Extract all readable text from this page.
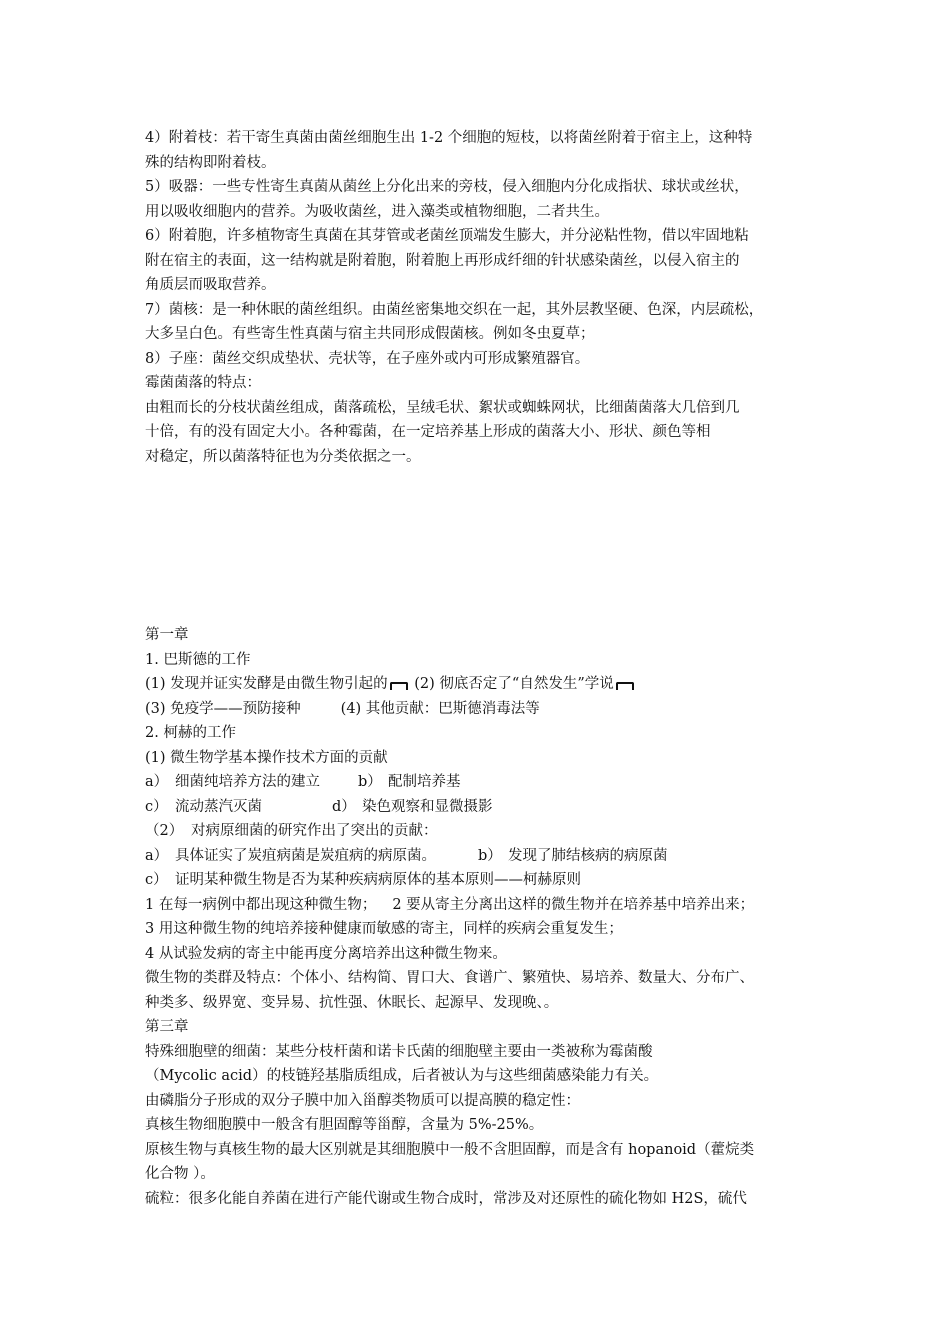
4）附着枝：若干寄生真菌由菌丝细胞生出 1-2 个细胞的短枝，以将菌丝附着于宿主上，这种特

殊的结构即附着枝。

5）吸器：一些专性寄生真菌从菌丝上分化出来的旁枝，侵入细胞内分化成指状、球状或丝状，

用以吸收细胞内的营养。为吸收菌丝，进入藻类或植物细胞，二者共生。

6）附着胞，许多植物寄生真菌在其芽管或老菌丝顶端发生膨大，并分泌粘性物，借以牢固地粘

附在宿主的表面，这一结构就是附着胞，附着胞上再形成纤细的针状感染菌丝，以侵入宿主的

角质层而吸取营养。

7）菌核：是一种休眠的菌丝组织。由菌丝密集地交织在一起，其外层教坚硬、色深，内层疏松，

大多呈白色。有些寄生性真菌与宿主共同形成假菌核。例如冬虫夏草；

8）子座：菌丝交织成垫状、壳状等，在子座外或内可形成繁殖器官。

霉菌菌落的特点：

由粗而长的分枝状菌丝组成，菌落疏松，呈绒毛状、絮状或蜘蛛网状，比细菌菌落大几倍到几

十倍，有的没有固定大小。各种霉菌，在一定培养基上形成的菌落大小、形状、颜色等相

对稳定，所以菌落特征也为分类依据之一。

第一章

1. 巴斯德的工作

(1) 发现并证实发酵是由微生物引起的 (2) 彻底否定了“自然发生”学说

(3) 免疫学——预防接种	(4) 其他贡献：巴斯德消毒法等

2. 柯赫的工作

(1) 微生物学基本操作技术方面的贡献

a） 细菌纯培养方法的建立	b） 配制培养基

c） 流动蒸汽灭菌	d） 染色观察和显微摄影

（2） 对病原细菌的研究作出了突出的贡献：

a） 具体证实了炭疽病菌是炭疽病的病原菌。	b） 发现了肺结核病的病原菌

c） 证明某种微生物是否为某种疾病病原体的基本原则——柯赫原则

1 在每一病例中都出现这种微生物； 2 要从寄主分离出这样的微生物并在培养基中培养出来；

3 用这种微生物的纯培养接种健康而敏感的寄主，同样的疾病会重复发生；

4 从试验发病的寄主中能再度分离培养出这种微生物来。

微生物的类群及特点：个体小、结构简、胃口大、食谱广、繁殖快、易培养、数量大、分布广、

种类多、级界宽、变异易、抗性强、休眠长、起源早、发现晚、。

第三章

特殊细胞壁的细菌：某些分枝杆菌和诺卡氏菌的细胞壁主要由一类被称为霉菌酸

（Mycolic acid）的枝链羟基脂质组成，后者被认为与这些细菌感染能力有关。

由磷脂分子形成的双分子膜中加入甾醇类物质可以提高膜的稳定性：

真核生物细胞膜中一般含有胆固醇等甾醇，含量为 5%-25%。

原核生物与真核生物的最大区别就是其细胞膜中一般不含胆固醇，而是含有 hopanoid（藿烷类

化合物 ）。

硫粒：很多化能自养菌在进行产能代谢或生物合成时，常涉及对还原性的硫化物如 H2S，硫代
